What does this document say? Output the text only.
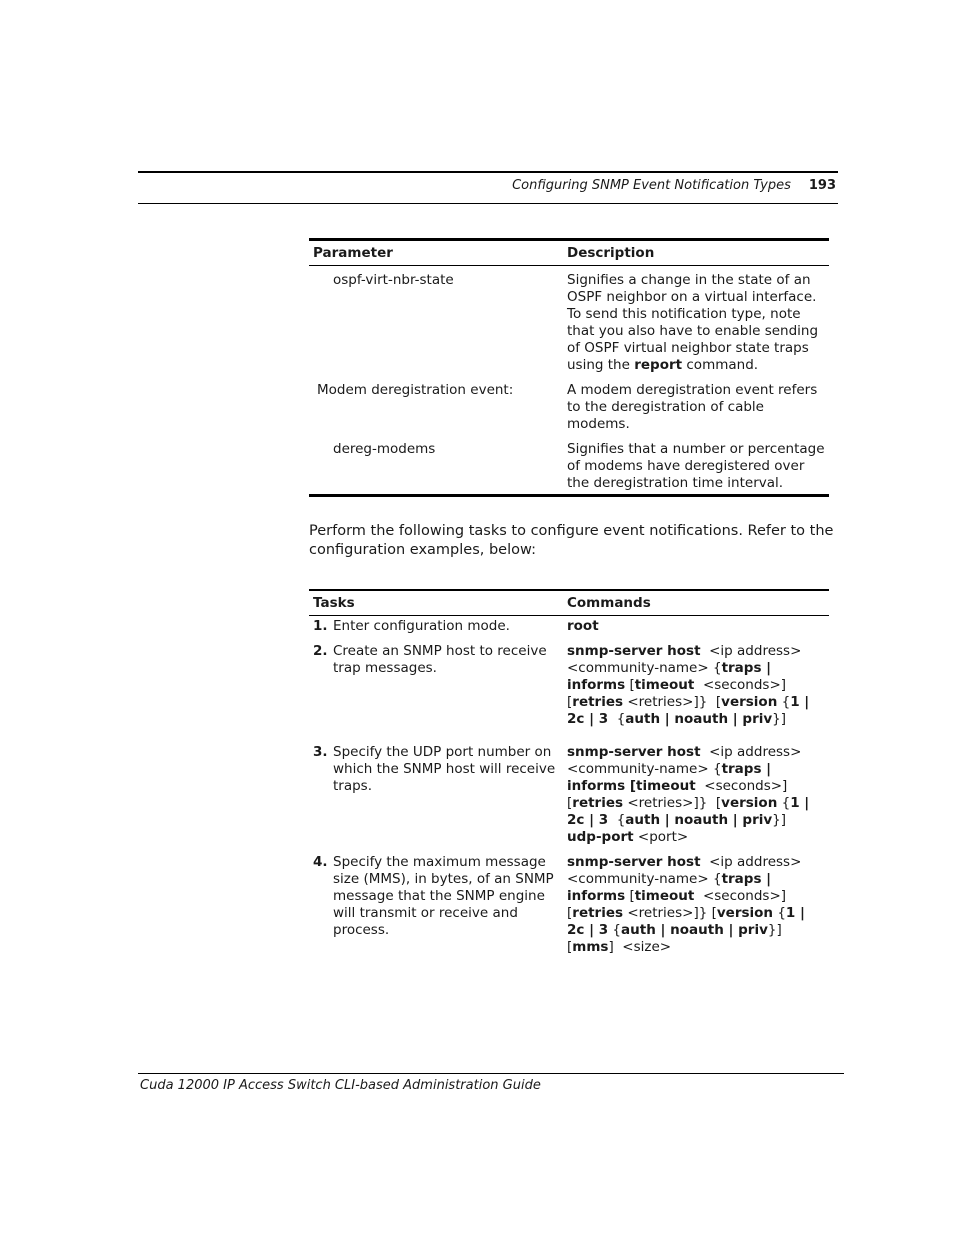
Configuring SNMP Event Notification Types 193
Parameter	Description

ospf-virt-nbr-state	Signifies a change in the state of an OSPF neighbor on a virtual interface. To send this notification type, note that you also have to enable sending of OSPF virtual neighbor state traps using the report command.

Modem deregistration event:	A modem deregistration event refers to the deregistration of cable modems.

dereg-modems	Signifies that a number or percentage of modems have deregistered over the deregistration time interval.
Perform the following tasks to configure event notifications. Refer to the configuration examples, below:
Tasks	Commands
1. Enter configuration mode.	root
2. Create an SNMP host to receive trap messages.	snmp-server host  <ip address> <community-name> {traps | informs [timeout  <seconds>]  [retries <retries>]}  [version {1 | 2c | 3  {auth | noauth | priv}]
3. Specify the UDP port number on which the SNMP host will receive traps.	snmp-server host  <ip address> <community-name> {traps | informs [timeout  <seconds>]  [retries <retries>]}  [version {1 | 2c | 3  {auth | noauth | priv}]  udp-port <port>
4. Specify the maximum message size (MMS), in bytes, of an SNMP message that the SNMP engine will transmit or receive and process.	snmp-server host  <ip address> <community-name> {traps | informs [timeout  <seconds>]  [retries <retries>]} [version {1 | 2c | 3 {auth | noauth | priv}]  [mms]  <size>
Cuda 12000 IP Access Switch CLI-based Administration Guide
